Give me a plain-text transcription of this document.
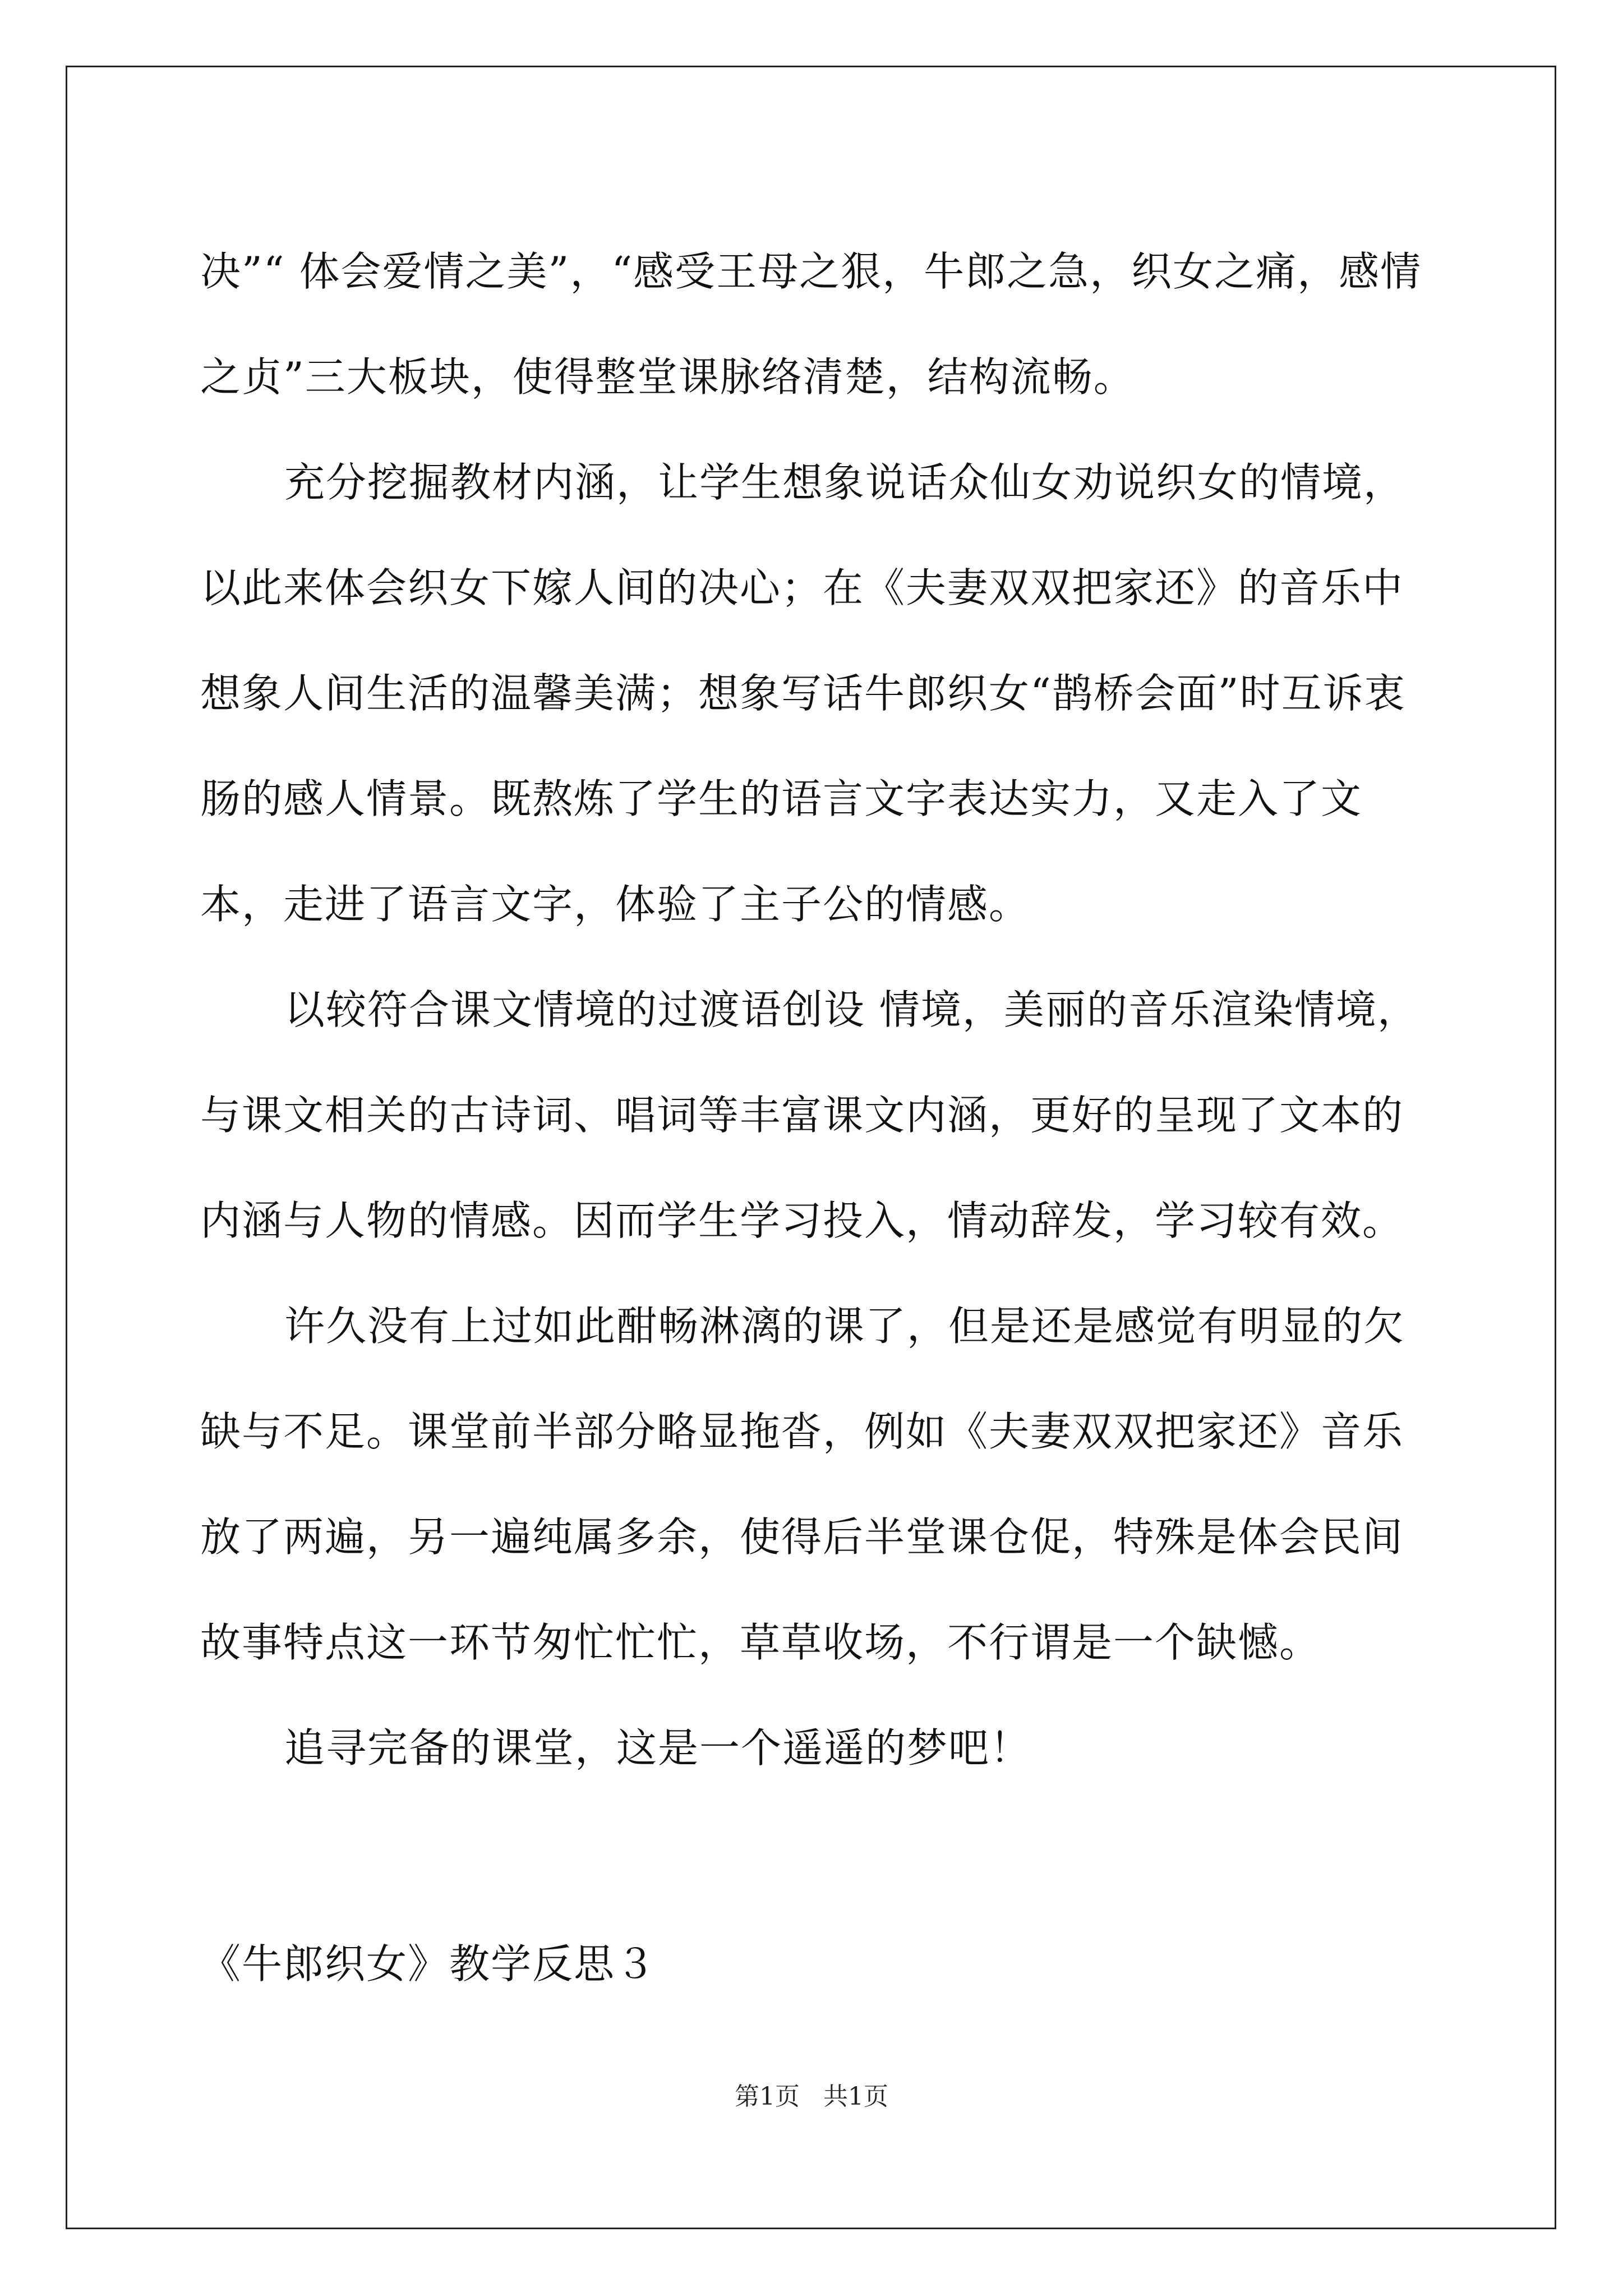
决”“ 体会爱情之美”，“感受王母之狠，牛郎之急，织女之痛，感情之贞”三大板块，使得整堂课脉络清楚，结构流畅。

充分挖掘教材内涵，让学生想象说话众仙女劝说织女的情境，以此来体会织女下嫁人间的决心；在《夫妻双双把家还》的音乐中想象人间生活的温馨美满；想象写话牛郎织女“鹊桥会面”时互诉衷肠的感人情景。既熬炼了学生的语言文字表达实力，又走入了文本，走进了语言文字，体验了主子公的情感。

以较符合课文情境的过渡语创设 情境，美丽的音乐渲染情境，与课文相关的古诗词、唱词等丰富课文内涵，更好的呈现了文本的内涵与人物的情感。因而学生学习投入，情动辞发，学习较有效。

许久没有上过如此酣畅淋漓的课了，但是还是感觉有明显的欠缺与不足。课堂前半部分略显拖沓，例如《夫妻双双把家还》音乐放了两遍，另一遍纯属多余，使得后半堂课仓促，特殊是体会民间故事特点这一环节匆忙忙忙，草草收场，不行谓是一个缺憾。

追寻完备的课堂，这是一个遥遥的梦吧！

《牛郎织女》教学反思３

第1页 共1页
